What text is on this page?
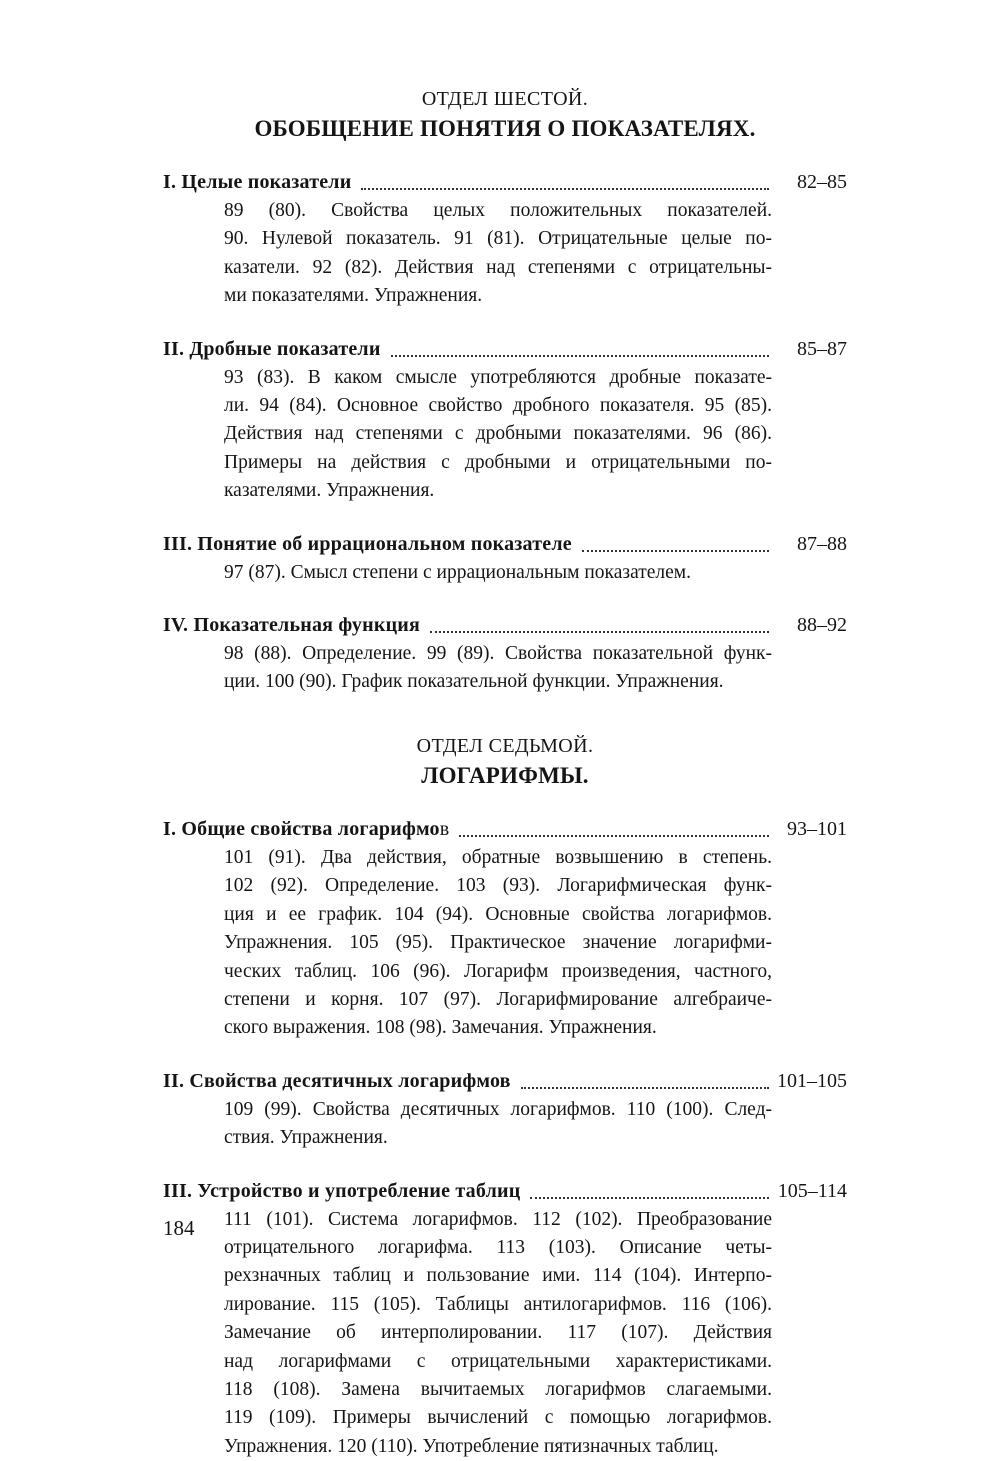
ОТДЕЛ ШЕСТОЙ.
ОБОБЩЕНИЕ ПОНЯТИЯ О ПОКАЗАТЕЛЯХ.
I. Целые показатели	82–85
89 (80). Свойства целых положительных показателей.
90. Нулевой показатель. 91 (81). Отрицательные целые по-
казатели. 92 (82). Действия над степенями с отрицательны-
ми показателями. Упражнения.
II. Дробные показатели	85–87
93 (83). В каком смысле употребляются дробные показате-
ли. 94 (84). Основное свойство дробного показателя. 95 (85).
Действия над степенями с дробными показателями. 96 (86).
Примеры на действия с дробными и отрицательными по-
казателями. Упражнения.
III. Понятие об иррациональном показателе	87–88
97 (87). Смысл степени с иррациональным показателем.
IV. Показательная функция	88–92
98 (88). Определение. 99 (89). Свойства показательной функ-
ции. 100 (90). График показательной функции. Упражнения.
ОТДЕЛ СЕДЬМОЙ.
ЛОГАРИФМЫ.
I. Общие свойства логарифмо в	93–101
101 (91). Два действия, обратные возвышению в степень.
102 (92). Определение. 103 (93). Логарифмическая функ-
ция и ее график. 104 (94). Основные свойства логарифмов.
Упражнения. 105 (95). Практическое значение логарифми-
ческих таблиц. 106 (96). Логарифм произведения, частного,
степени и корня. 107 (97). Логарифмирование алгебраиче-
ского выражения. 108 (98). Замечания. Упражнения.
II. Свойства десятичных логарифмов	101–105
109 (99). Свойства десятичных логарифмов. 110 (100). След-
ствия. Упражнения.
III. Устройство и употребление таблиц	105–114
111 (101). Система логарифмов. 112 (102). Преобразование
отрицательного логарифма. 113 (103). Описание четы-
рехзначных таблиц и пользование ими. 114 (104). Интерпо-
лирование. 115 (105). Таблицы антилогарифмов. 116 (106).
Замечание об интерполировании. 117 (107). Действия
над логарифмами с отрицательными характеристиками.
118 (108). Замена вычитаемых логарифмов слагаемыми.
119 (109). Примеры вычислений с помощью логарифмов.
Упражнения. 120 (110). Употребление пятизначных таблиц.
184
